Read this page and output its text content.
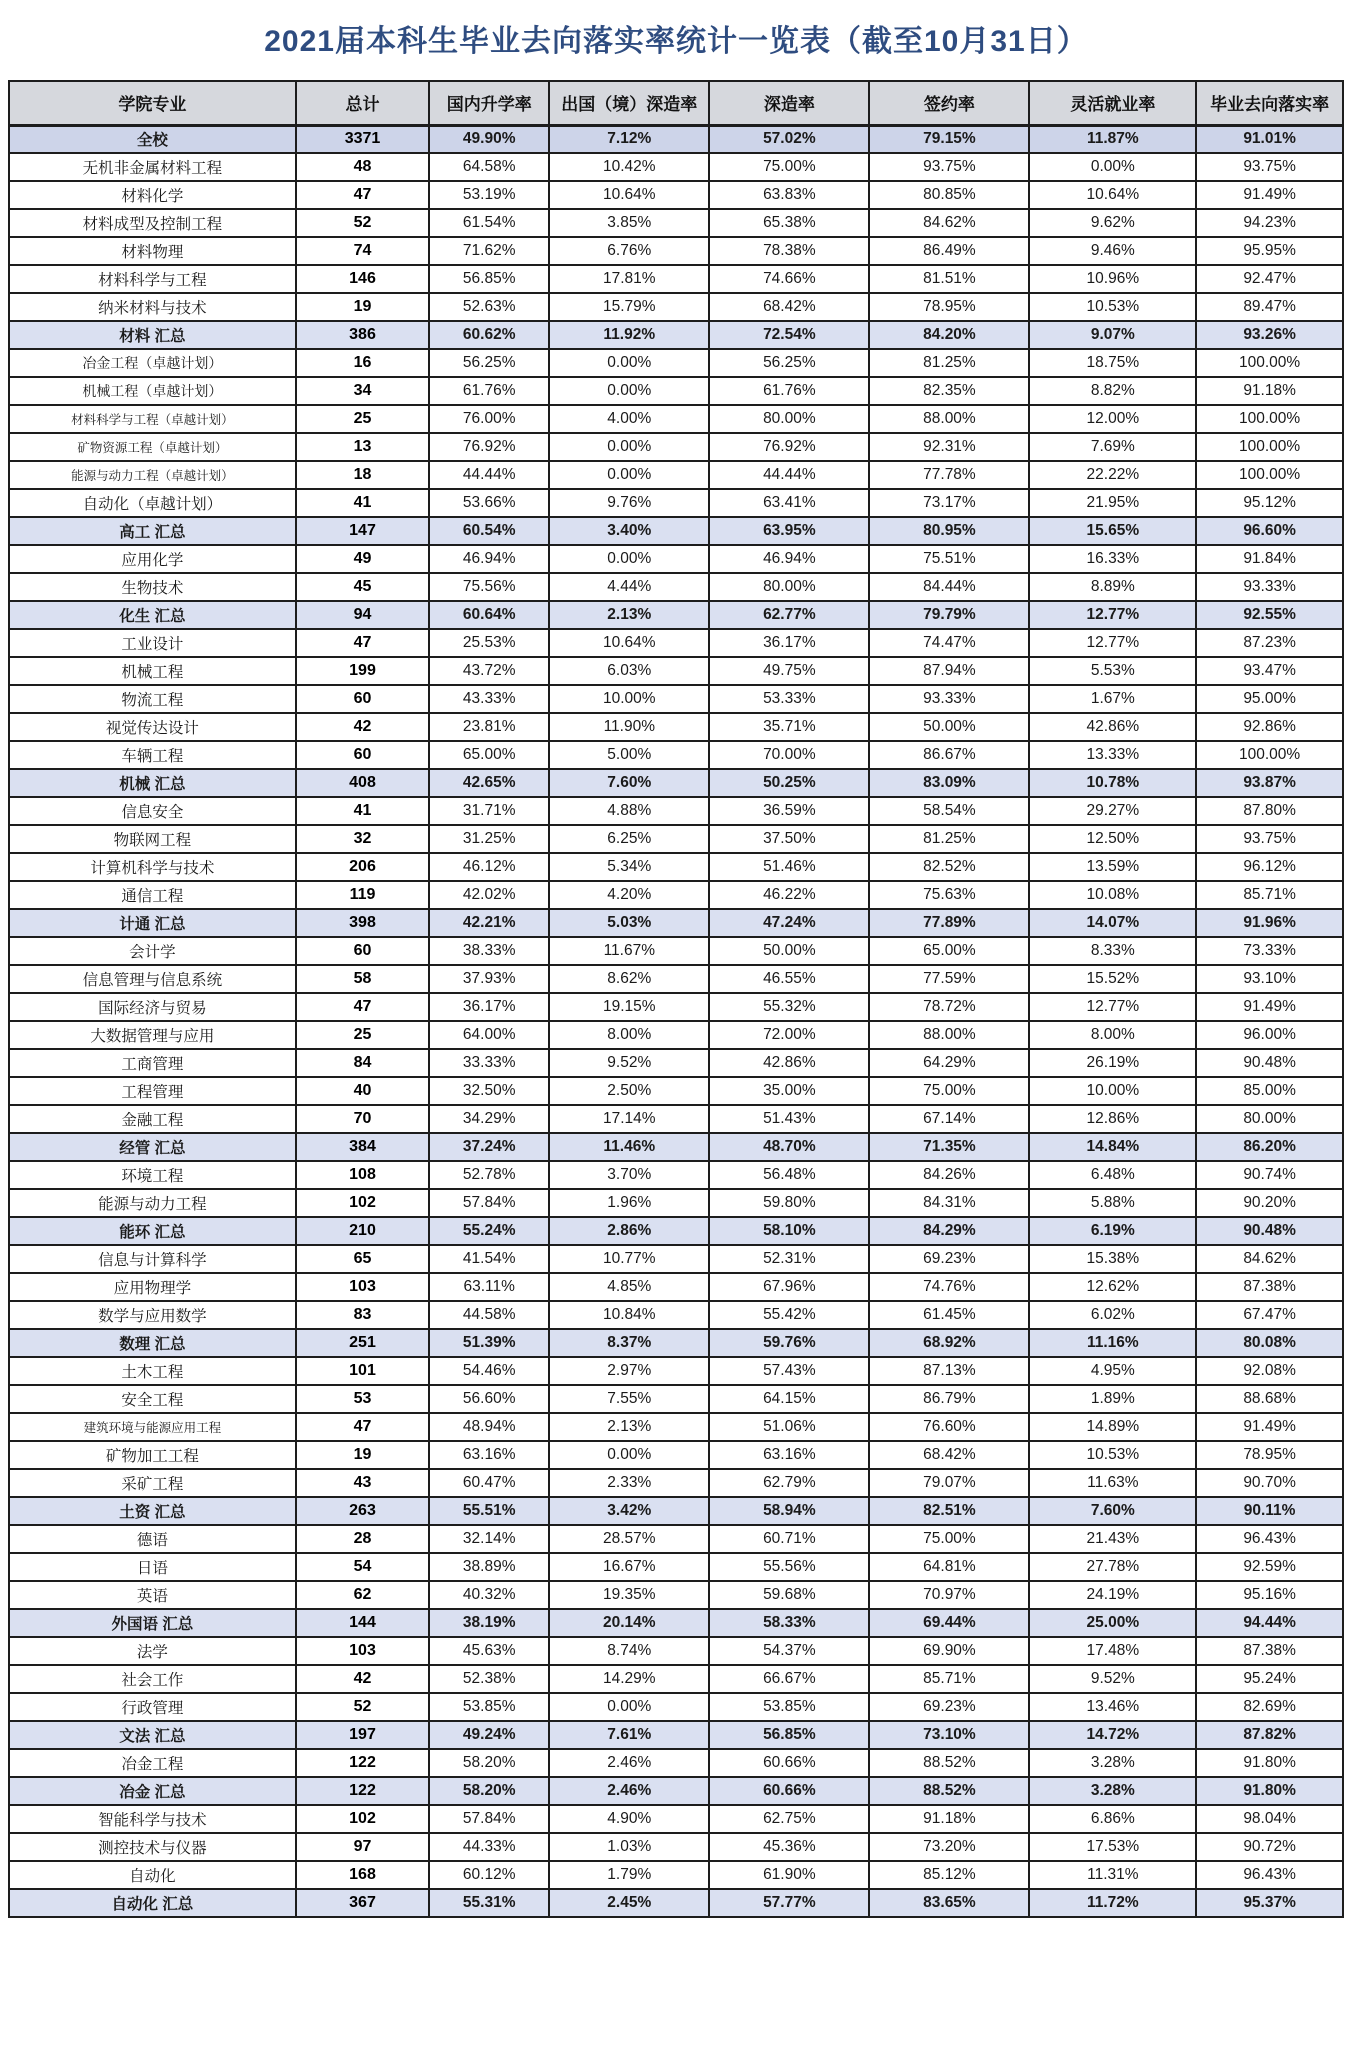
2021届本科生毕业去向落实率统计一览表（截至10月31日）
学院专业	总计	国内升学率	出国（境）深造率	深造率	签约率	灵活就业率	毕业去向落实率
全校	3371	49.90%	7.12%	57.02%	79.15%	11.87%	91.01%
无机非金属材料工程	48	64.58%	10.42%	75.00%	93.75%	0.00%	93.75%
材料化学	47	53.19%	10.64%	63.83%	80.85%	10.64%	91.49%
材料成型及控制工程	52	61.54%	3.85%	65.38%	84.62%	9.62%	94.23%
材料物理	74	71.62%	6.76%	78.38%	86.49%	9.46%	95.95%
材料科学与工程	146	56.85%	17.81%	74.66%	81.51%	10.96%	92.47%
纳米材料与技术	19	52.63%	15.79%	68.42%	78.95%	10.53%	89.47%
材料 汇总	386	60.62%	11.92%	72.54%	84.20%	9.07%	93.26%
冶金工程（卓越计划）	16	56.25%	0.00%	56.25%	81.25%	18.75%	100.00%
机械工程（卓越计划）	34	61.76%	0.00%	61.76%	82.35%	8.82%	91.18%
材料科学与工程（卓越计划）	25	76.00%	4.00%	80.00%	88.00%	12.00%	100.00%
矿物资源工程（卓越计划）	13	76.92%	0.00%	76.92%	92.31%	7.69%	100.00%
能源与动力工程（卓越计划）	18	44.44%	0.00%	44.44%	77.78%	22.22%	100.00%
自动化（卓越计划）	41	53.66%	9.76%	63.41%	73.17%	21.95%	95.12%
高工 汇总	147	60.54%	3.40%	63.95%	80.95%	15.65%	96.60%
应用化学	49	46.94%	0.00%	46.94%	75.51%	16.33%	91.84%
生物技术	45	75.56%	4.44%	80.00%	84.44%	8.89%	93.33%
化生 汇总	94	60.64%	2.13%	62.77%	79.79%	12.77%	92.55%
工业设计	47	25.53%	10.64%	36.17%	74.47%	12.77%	87.23%
机械工程	199	43.72%	6.03%	49.75%	87.94%	5.53%	93.47%
物流工程	60	43.33%	10.00%	53.33%	93.33%	1.67%	95.00%
视觉传达设计	42	23.81%	11.90%	35.71%	50.00%	42.86%	92.86%
车辆工程	60	65.00%	5.00%	70.00%	86.67%	13.33%	100.00%
机械 汇总	408	42.65%	7.60%	50.25%	83.09%	10.78%	93.87%
信息安全	41	31.71%	4.88%	36.59%	58.54%	29.27%	87.80%
物联网工程	32	31.25%	6.25%	37.50%	81.25%	12.50%	93.75%
计算机科学与技术	206	46.12%	5.34%	51.46%	82.52%	13.59%	96.12%
通信工程	119	42.02%	4.20%	46.22%	75.63%	10.08%	85.71%
计通 汇总	398	42.21%	5.03%	47.24%	77.89%	14.07%	91.96%
会计学	60	38.33%	11.67%	50.00%	65.00%	8.33%	73.33%
信息管理与信息系统	58	37.93%	8.62%	46.55%	77.59%	15.52%	93.10%
国际经济与贸易	47	36.17%	19.15%	55.32%	78.72%	12.77%	91.49%
大数据管理与应用	25	64.00%	8.00%	72.00%	88.00%	8.00%	96.00%
工商管理	84	33.33%	9.52%	42.86%	64.29%	26.19%	90.48%
工程管理	40	32.50%	2.50%	35.00%	75.00%	10.00%	85.00%
金融工程	70	34.29%	17.14%	51.43%	67.14%	12.86%	80.00%
经管 汇总	384	37.24%	11.46%	48.70%	71.35%	14.84%	86.20%
环境工程	108	52.78%	3.70%	56.48%	84.26%	6.48%	90.74%
能源与动力工程	102	57.84%	1.96%	59.80%	84.31%	5.88%	90.20%
能环 汇总	210	55.24%	2.86%	58.10%	84.29%	6.19%	90.48%
信息与计算科学	65	41.54%	10.77%	52.31%	69.23%	15.38%	84.62%
应用物理学	103	63.11%	4.85%	67.96%	74.76%	12.62%	87.38%
数学与应用数学	83	44.58%	10.84%	55.42%	61.45%	6.02%	67.47%
数理 汇总	251	51.39%	8.37%	59.76%	68.92%	11.16%	80.08%
土木工程	101	54.46%	2.97%	57.43%	87.13%	4.95%	92.08%
安全工程	53	56.60%	7.55%	64.15%	86.79%	1.89%	88.68%
建筑环境与能源应用工程	47	48.94%	2.13%	51.06%	76.60%	14.89%	91.49%
矿物加工工程	19	63.16%	0.00%	63.16%	68.42%	10.53%	78.95%
采矿工程	43	60.47%	2.33%	62.79%	79.07%	11.63%	90.70%
土资 汇总	263	55.51%	3.42%	58.94%	82.51%	7.60%	90.11%
德语	28	32.14%	28.57%	60.71%	75.00%	21.43%	96.43%
日语	54	38.89%	16.67%	55.56%	64.81%	27.78%	92.59%
英语	62	40.32%	19.35%	59.68%	70.97%	24.19%	95.16%
外国语 汇总	144	38.19%	20.14%	58.33%	69.44%	25.00%	94.44%
法学	103	45.63%	8.74%	54.37%	69.90%	17.48%	87.38%
社会工作	42	52.38%	14.29%	66.67%	85.71%	9.52%	95.24%
行政管理	52	53.85%	0.00%	53.85%	69.23%	13.46%	82.69%
文法 汇总	197	49.24%	7.61%	56.85%	73.10%	14.72%	87.82%
冶金工程	122	58.20%	2.46%	60.66%	88.52%	3.28%	91.80%
冶金 汇总	122	58.20%	2.46%	60.66%	88.52%	3.28%	91.80%
智能科学与技术	102	57.84%	4.90%	62.75%	91.18%	6.86%	98.04%
测控技术与仪器	97	44.33%	1.03%	45.36%	73.20%	17.53%	90.72%
自动化	168	60.12%	1.79%	61.90%	85.12%	11.31%	96.43%
自动化 汇总	367	55.31%	2.45%	57.77%	83.65%	11.72%	95.37%
